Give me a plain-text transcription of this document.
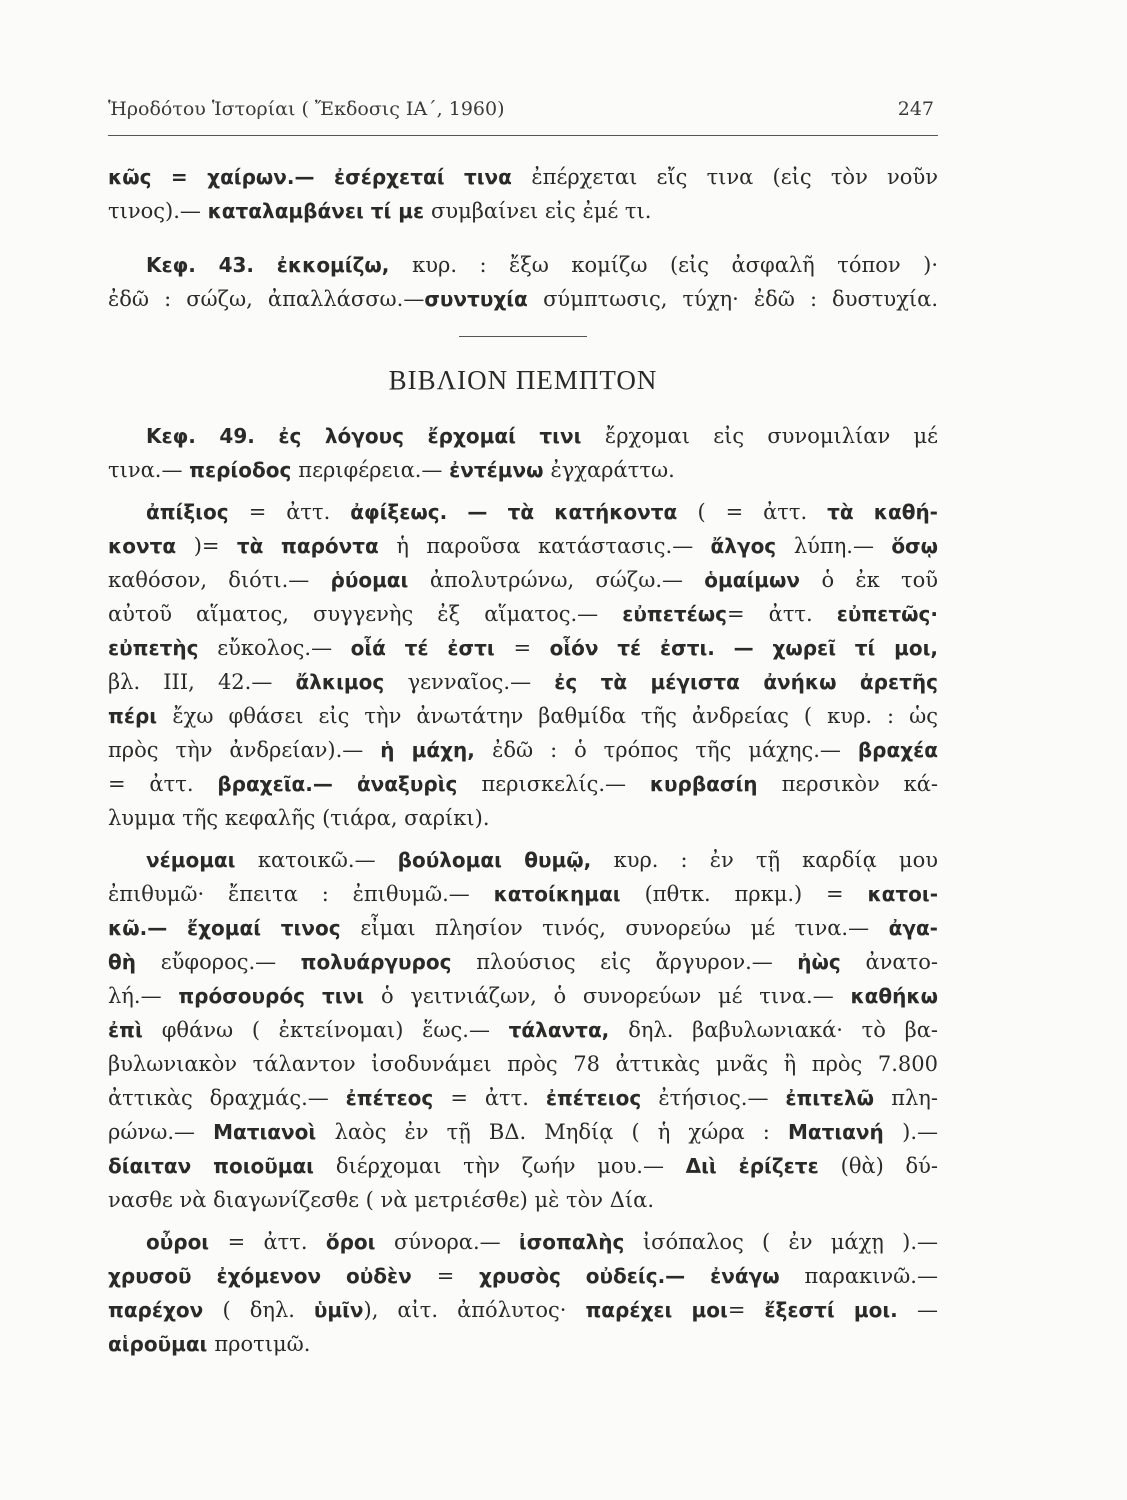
Ἡροδότου Ἱστορίαι ( Ἔκδοσις ΙΑ΄, 1960)	247
κῶς = χαίρων.— ἐσέρχεταί τινα ἐπέρχεται εἴς τινα (εἰς τὸν νοῦν
τινος).— καταλαμβάνει τί με συμβαίνει εἰς ἐμέ τι.
Κεφ. 43. ἐκκομίζω, κυρ. : ἔξω κομίζω (εἰς ἀσφαλῆ τόπον )·
ἐδῶ : σώζω, ἀπαλλάσσω.—συντυχία σύμπτωσις, τύχη· ἐδῶ : δυστυχία.
ΒΙΒΛΙΟΝ ΠΕΜΠΤΟΝ
Κεφ. 49. ἐς λόγους ἔρχομαί τινι ἔρχομαι εἰς συνομιλίαν μέ
τινα.— περίοδος περιφέρεια.— ἐντέμνω ἐγχαράττω.
ἀπίξιος = ἀττ. ἀφίξεως. — τὰ κατήκοντα ( = ἀττ. τὰ καθή-
κοντα )= τὰ παρόντα ἡ παροῦσα κατάστασις.— ἄλγος λύπη.— ὅσῳ
καθόσον, διότι.— ῥύομαι ἀπολυτρώνω, σώζω.— ὁμαίμων ὁ ἐκ τοῦ
αὐτοῦ αἵματος, συγγενὴς ἐξ αἵματος.— εὐπετέως= ἀττ. εὐπετῶς·
εὐπετὴς εὔκολος.— οἷά τέ ἐστι = οἷόν τέ ἐστι. — χωρεῖ τί μοι,
βλ. ΙΙΙ, 42.— ἄλκιμος γενναῖος.— ἐς τὰ μέγιστα ἀνήκω ἀρετῆς
πέρι ἔχω φθάσει εἰς τὴν ἀνωτάτην βαθμίδα τῆς ἀνδρείας ( κυρ. : ὡς
πρὸς τὴν ἀνδρείαν).— ἡ μάχη, ἐδῶ : ὁ τρόπος τῆς μάχης.— βραχέα
= ἀττ. βραχεῖα.— ἀναξυρὶς περισκελίς.— κυρβασίη περσικὸν κά-
λυμμα τῆς κεφαλῆς (τιάρα, σαρίκι).
νέμομαι κατοικῶ.— βούλομαι θυμῷ, κυρ. : ἐν τῇ καρδίᾳ μου
ἐπιθυμῶ· ἔπειτα : ἐπιθυμῶ.— κατοίκημαι (πθτκ. πρκμ.) = κατοι-
κῶ.— ἔχομαί τινος εἶμαι πλησίον τινός, συνορεύω μέ τινα.— ἀγα-
θὴ εὔφορος.— πολυάργυρος πλούσιος εἰς ἄργυρον.— ἠὼς ἀνατο-
λή.— πρόσουρός τινι ὁ γειτνιάζων, ὁ συνορεύων μέ τινα.— καθήκω
ἐπὶ φθάνω ( ἐκτείνομαι) ἕως.— τάλαντα, δηλ. βαβυλωνιακά· τὸ βα-
βυλωνιακὸν τάλαντον ἰσοδυνάμει πρὸς 78 ἀττικὰς μνᾶς ἢ πρὸς 7.800
ἀττικὰς δραχμάς.— ἐπέτεος = ἀττ. ἐπέτειος ἐτήσιος.— ἐπιτελῶ πλη-
ρώνω.— Ματιανοὶ λαὸς ἐν τῇ ΒΔ. Μηδίᾳ ( ἡ χώρα : Ματιανή ).—
δίαιταν ποιοῦμαι διέρχομαι τὴν ζωήν μου.— Διὶ ἐρίζετε (θὰ) δύ-
νασθε νὰ διαγωνίζεσθε ( νὰ μετριέσθε) μὲ τὸν Δία.
οὖροι = ἀττ. ὅροι σύνορα.— ἰσοπαλὴς ἰσόπαλος ( ἐν μάχῃ ).—
χρυσοῦ ἐχόμενον οὐδὲν = χρυσὸς οὐδείς.— ἐνάγω παρακινῶ.—
παρέχον ( δηλ. ὑμῖν), αἰτ. ἀπόλυτος· παρέχει μοι= ἔξεστί μοι. —
αἱροῦμαι προτιμῶ.
